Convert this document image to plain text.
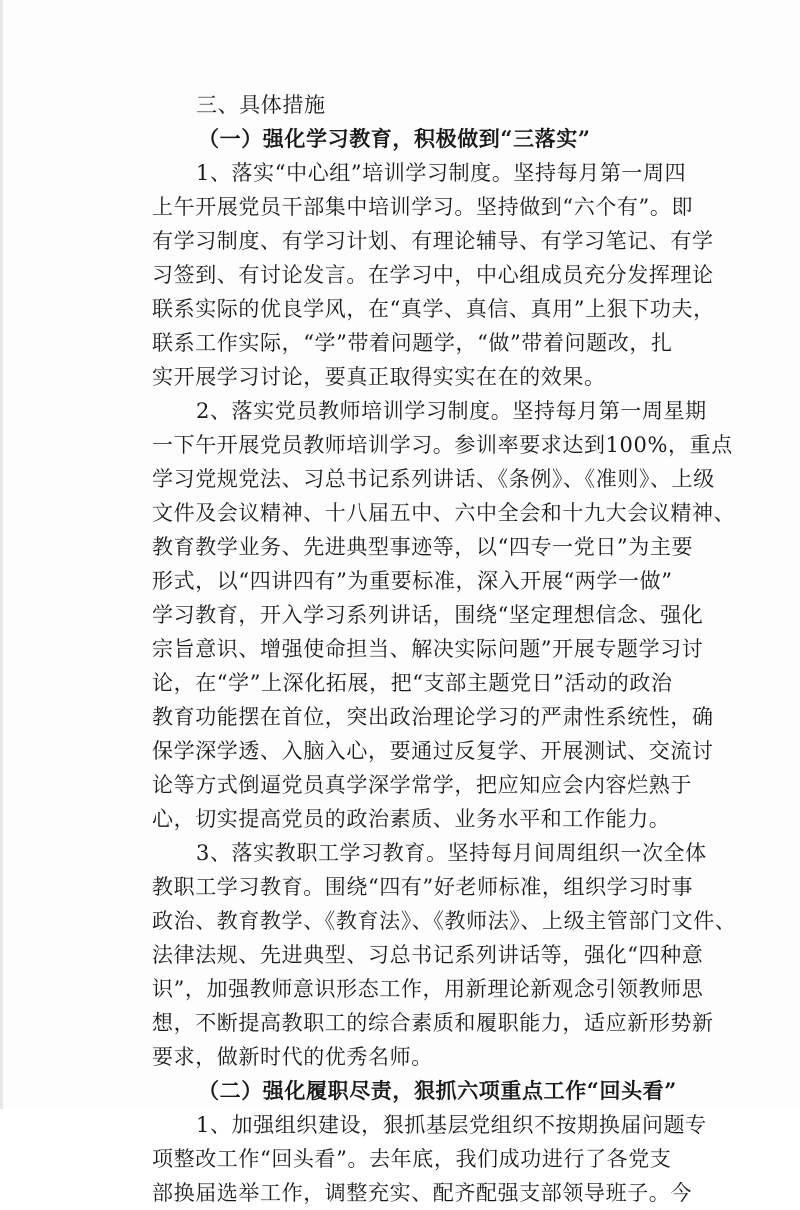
三、具体措施
（一）强化学习教育，积极做到“三落实”
1、落实“中心组”培训学习制度。坚持每月第一周四
上午开展党员干部集中培训学习。坚持做到“六个有”。即
有学习制度、有学习计划、有理论辅导、有学习笔记、有学
习签到、有讨论发言。在学习中，中心组成员充分发挥理论
联系实际的优良学风，在“真学、真信、真用”上狠下功夫，
联系工作实际，“学”带着问题学，“做”带着问题改，扎
实开展学习讨论，要真正取得实实在在的效果。
2、落实党员教师培训学习制度。坚持每月第一周星期
一下午开展党员教师培训学习。参训率要求达到100%，重点
学习党规党法、习总书记系列讲话、《条例》、《准则》、上级
文件及会议精神、十八届五中、六中全会和十九大会议精神、
教育教学业务、先进典型事迹等，以“四专一党日”为主要
形式，以“四讲四有”为重要标准，深入开展“两学一做”
学习教育，开入学习系列讲话，围绕“坚定理想信念、强化
宗旨意识、增强使命担当、解决实际问题”开展专题学习讨
论，在“学”上深化拓展，把“支部主题党日”活动的政治
教育功能摆在首位，突出政治理论学习的严肃性系统性，确
保学深学透、入脑入心，要通过反复学、开展测试、交流讨
论等方式倒逼党员真学深学常学，把应知应会内容烂熟于
心，切实提高党员的政治素质、业务水平和工作能力。
3、落实教职工学习教育。坚持每月间周组织一次全体
教职工学习教育。围绕“四有”好老师标准，组织学习时事
政治、教育教学、《教育法》、《教师法》、上级主管部门文件、
法律法规、先进典型、习总书记系列讲话等，强化“四种意
识”，加强教师意识形态工作，用新理论新观念引领教师思
想，不断提高教职工的综合素质和履职能力，适应新形势新
要求，做新时代的优秀名师。
（二）强化履职尽责，狠抓六项重点工作“回头看”
1、加强组织建设，狠抓基层党组织不按期换届问题专
项整改工作“回头看”。去年底，我们成功进行了各党支
部换届选举工作，调整充实、配齐配强支部领导班子。今
